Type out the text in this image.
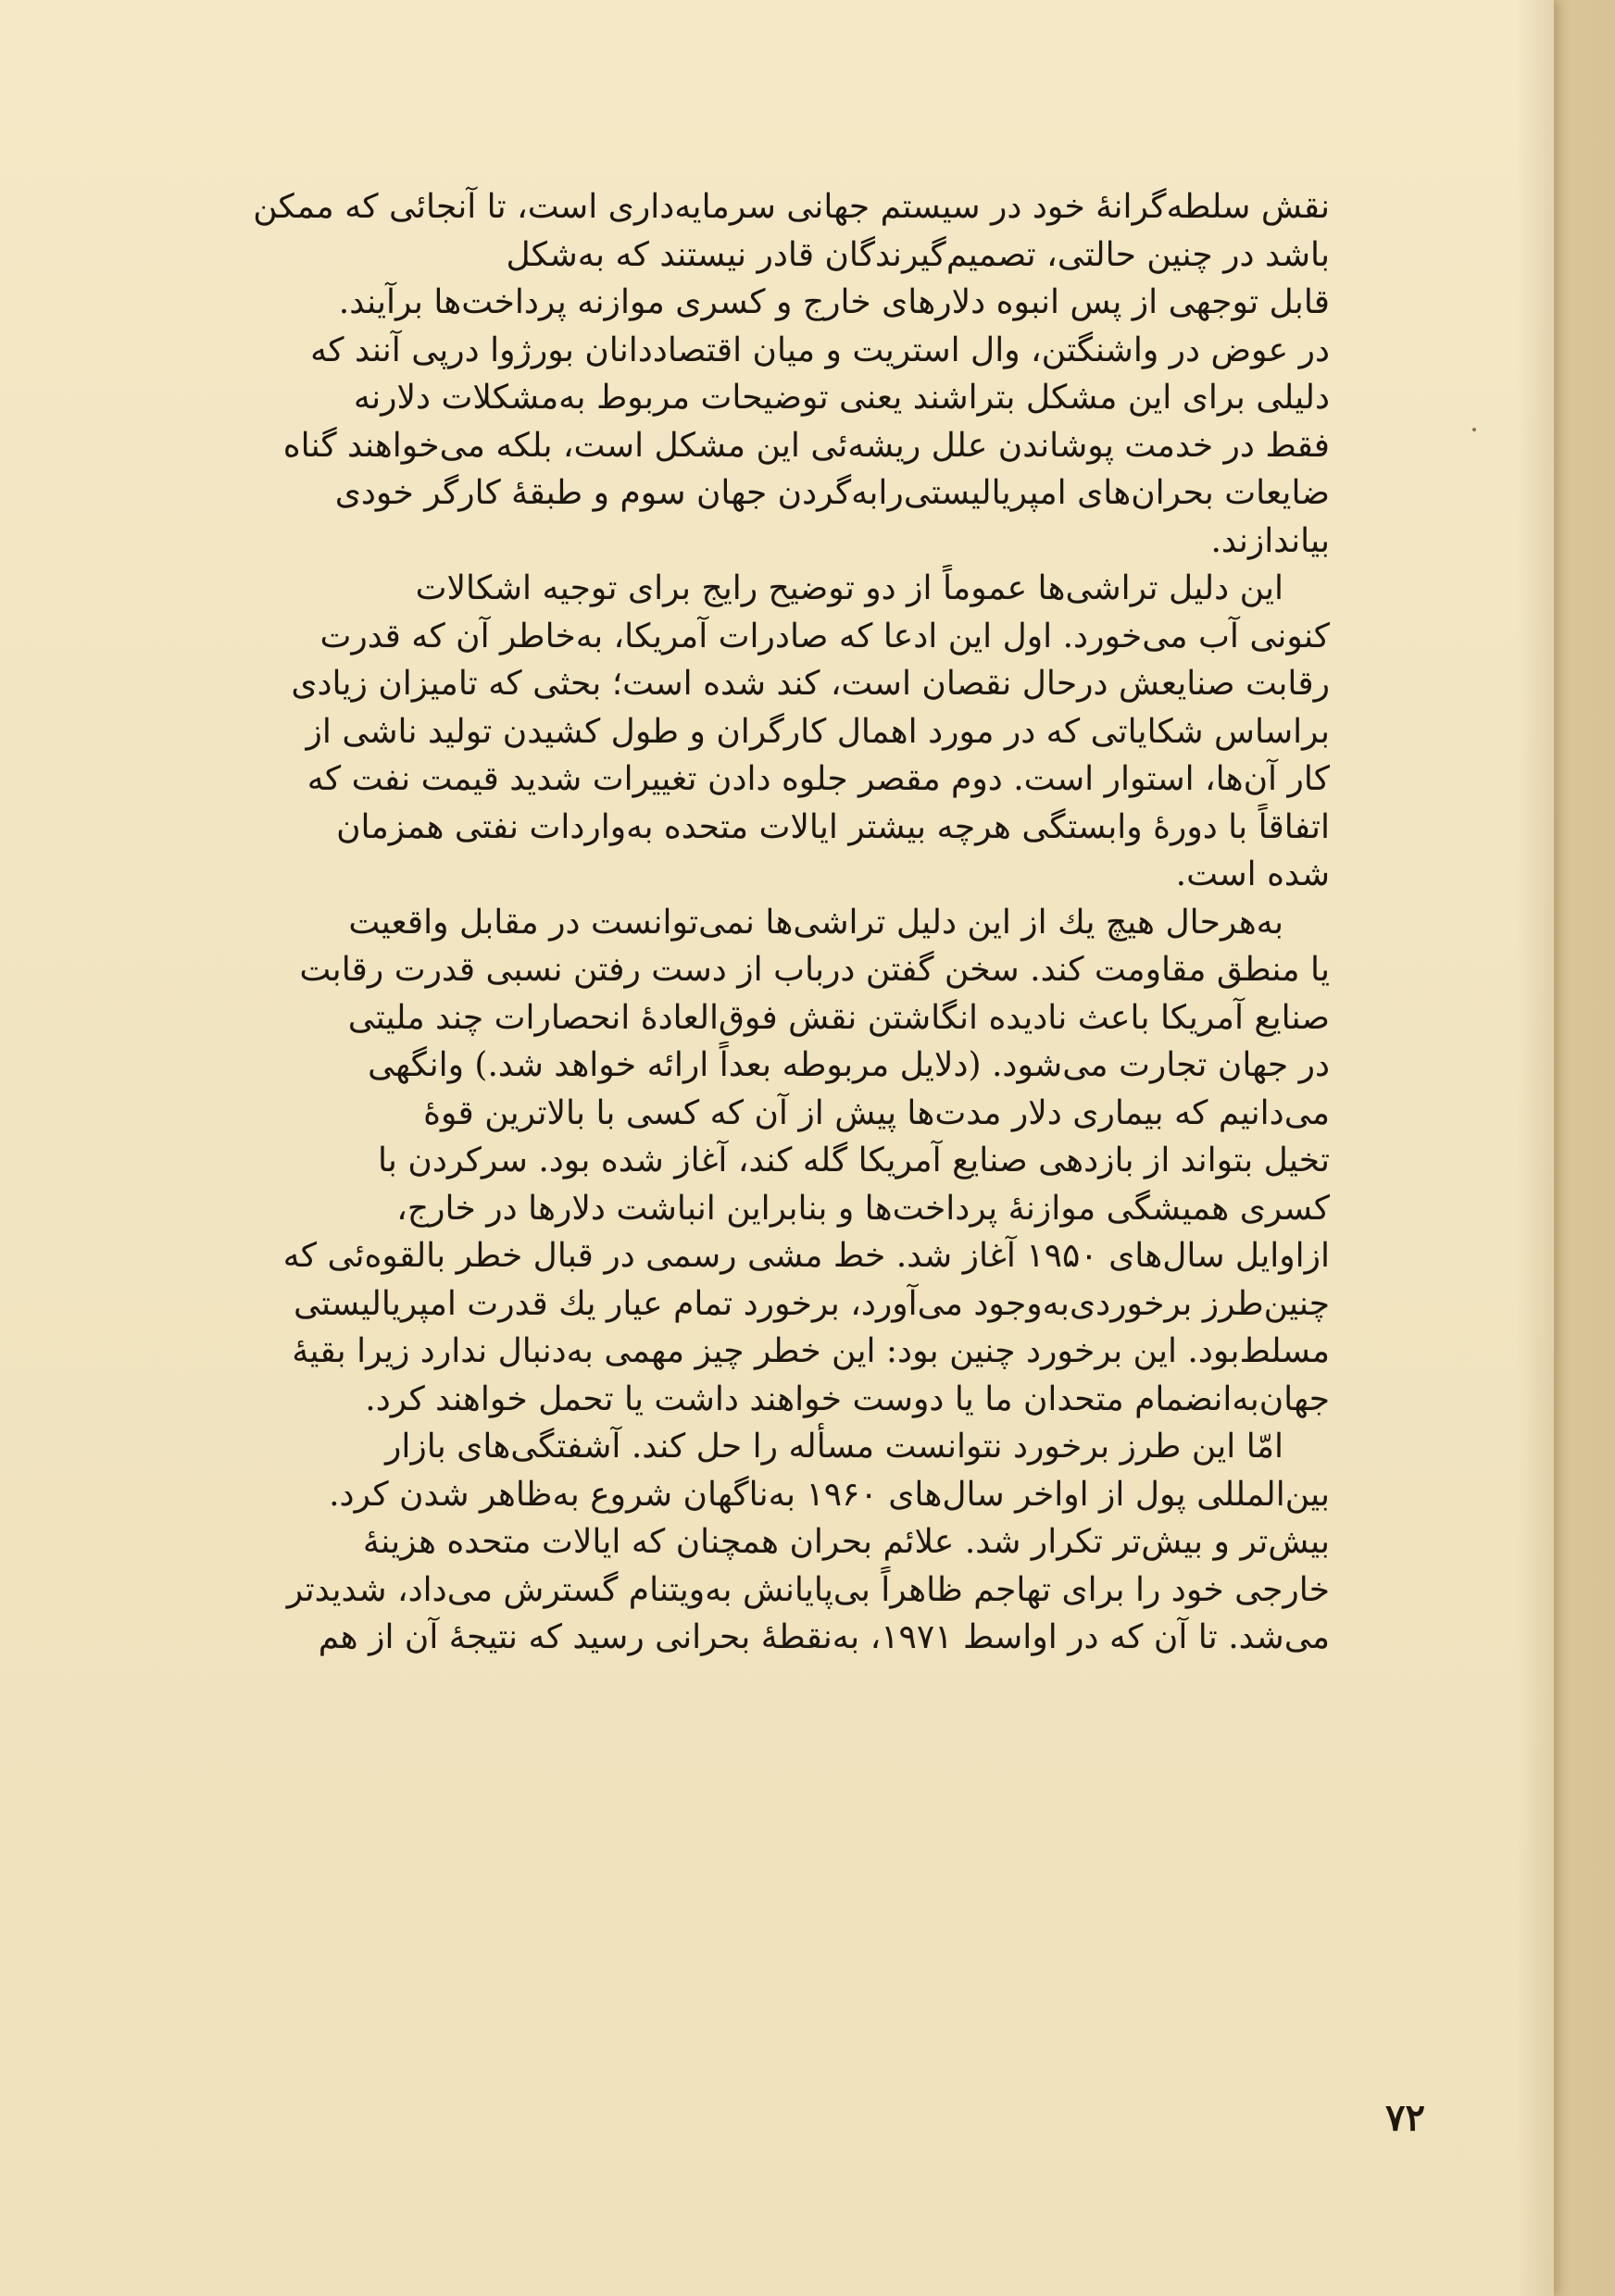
نقش سلطه‌گرانهٔ خود در سیستم جهانی سرمایه‌داری است، تا آنجائی که ممکن
باشد در چنین حالتی، تصمیم‌گیرندگان قادر نیستند که به‌شکل
قابل توجهی از پس انبوه دلارهای خارج و کسری موازنه پرداخت‌ها برآیند.
در عوض در واشنگتن، وال استریت و میان اقتصاددانان بورژوا درپی آنند که
دلیلی برای این مشکل بتراشند یعنی توضیحات مربوط به‌مشکلات دلارنه
فقط در خدمت پوشاندن علل ریشه‌ئی این مشکل است، بلکه می‌خواهند گناه
ضایعات بحران‌های امپریالیستی‌رابه‌گردن جهان سوم و طبقهٔ کارگر خودی
بیاندازند.
این دلیل تراشی‌ها عموماً از دو توضیح رایج برای توجیه اشکالات
کنونی آب می‌خورد. اول این ادعا که صادرات آمریکا، به‌خاطر آن که قدرت
رقابت صنایعش درحال نقصان است، کند شده است؛ بحثی که تامیزان زیادی
براساس شکایاتی که در مورد اهمال کارگران و طول کشیدن تولید ناشی از
کار آن‌ها، استوار است. دوم مقصر جلوه دادن تغییرات شدید قیمت نفت که
اتفاقاً با دورهٔ وابستگی هرچه بیشتر ایالات متحده به‌واردات نفتی همزمان
شده است.
به‌هرحال هیچ یك از این دلیل تراشی‌ها نمی‌توانست در مقابل واقعیت
یا منطق مقاومت کند. سخن گفتن درباب از دست رفتن نسبی قدرت رقابت
صنایع آمریکا باعث نادیده انگاشتن نقش فوق‌العادهٔ انحصارات چند ملیتی
در جهان تجارت می‌شود. (دلایل مربوطه بعداً ارائه خواهد شد.) وانگهی
می‌دانیم که بیماری دلار مدت‌ها پیش از آن که کسی با بالاترین قوهٔ
تخیل بتواند از بازدهی صنایع آمریکا گله کند، آغاز شده بود. سرکردن با
کسری همیشگی موازنهٔ پرداخت‌ها و بنابراین انباشت دلارها در خارج،
ازاوایل سال‌های ۱۹۵۰ آغاز شد. خط مشی رسمی در قبال خطر بالقوه‌ئی که
چنین‌طرز برخوردی‌به‌وجود می‌آورد، برخورد تمام عیار یك قدرت امپریالیستی
مسلط‌بود. این برخورد چنین بود: این خطر چیز مهمی به‌دنبال ندارد زیرا بقیهٔ
جهان‌به‌انضمام متحدان ما یا دوست خواهند داشت یا تحمل خواهند کرد.
امّا این طرز برخورد نتوانست مسأله را حل کند. آشفتگی‌های بازار
بین‌المللی پول از اواخر سال‌های ۱۹۶۰ به‌ناگهان شروع به‌ظاهر شدن کرد.
بیش‌تر و بیش‌تر تکرار شد. علائم بحران همچنان که ایالات متحده هزینهٔ
خارجی خود را برای تهاجم ظاهراً بی‌پایانش به‌ویتنام گسترش می‌داد، شدیدتر
می‌شد. تا آن که در اواسط ۱۹۷۱، به‌نقطهٔ بحرانی رسید که نتیجهٔ آن از هم
۷۲
